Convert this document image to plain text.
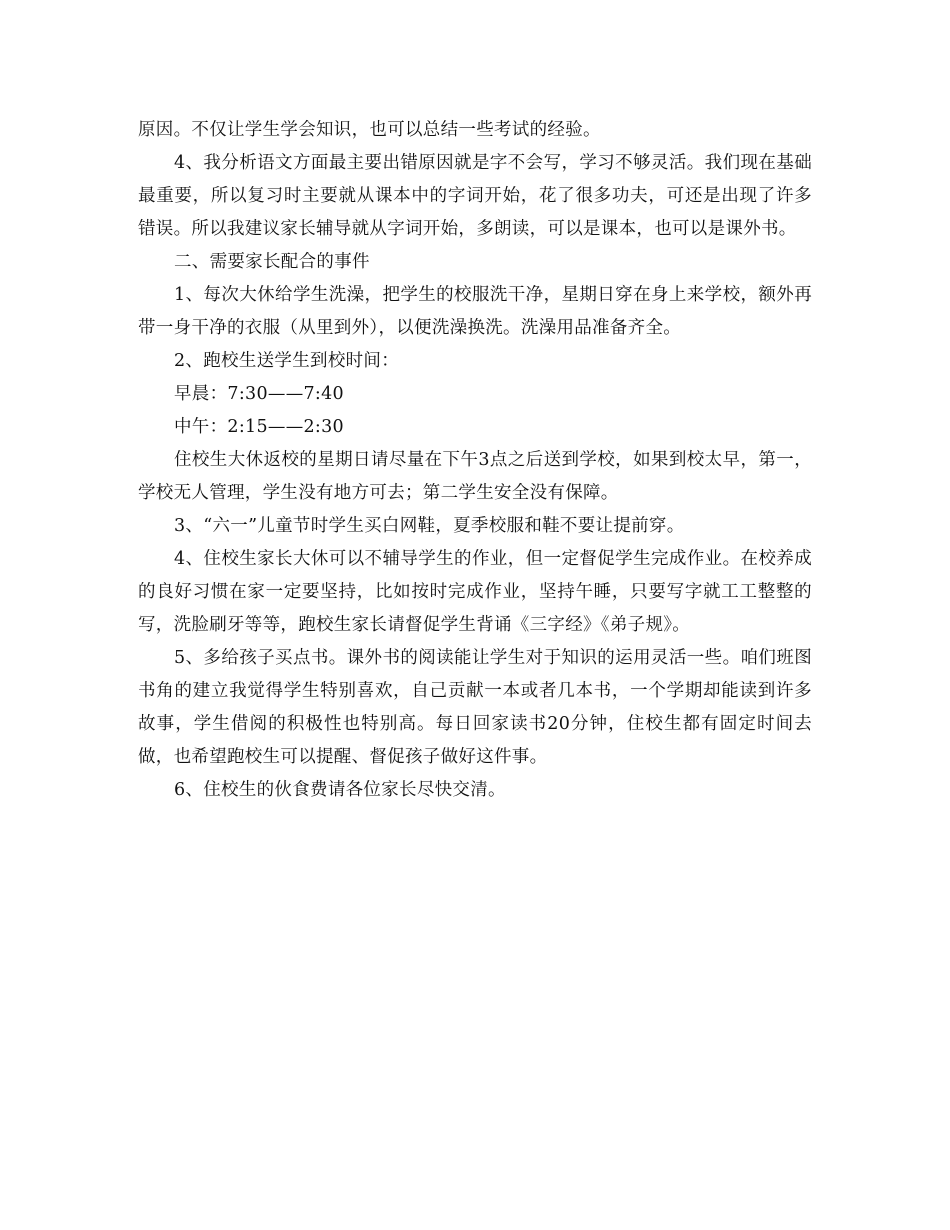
原因。不仅让学生学会知识，也可以总结一些考试的经验。

4、我分析语文方面最主要出错原因就是字不会写，学习不够灵活。我们现在基础最重要，所以复习时主要就从课本中的字词开始，花了很多功夫，可还是出现了许多错误。所以我建议家长辅导就从字词开始，多朗读，可以是课本，也可以是课外书。

二、需要家长配合的事件

1、每次大休给学生洗澡，把学生的校服洗干净，星期日穿在身上来学校，额外再带一身干净的衣服（从里到外），以便洗澡换洗。洗澡用品准备齐全。

2、跑校生送学生到校时间：

早晨：7:30——7:40

中午：2:15——2:30

住校生大休返校的星期日请尽量在下午3点之后送到学校，如果到校太早，第一，学校无人管理，学生没有地方可去；第二学生安全没有保障。

3、“六一”儿童节时学生买白网鞋，夏季校服和鞋不要让提前穿。

4、住校生家长大休可以不辅导学生的作业，但一定督促学生完成作业。在校养成的良好习惯在家一定要坚持，比如按时完成作业，坚持午睡，只要写字就工工整整的写，洗脸刷牙等等，跑校生家长请督促学生背诵《三字经》《弟子规》。

5、多给孩子买点书。课外书的阅读能让学生对于知识的运用灵活一些。咱们班图书角的建立我觉得学生特别喜欢，自己贡献一本或者几本书，一个学期却能读到许多故事，学生借阅的积极性也特别高。每日回家读书20分钟，住校生都有固定时间去做，也希望跑校生可以提醒、督促孩子做好这件事。

6、住校生的伙食费请各位家长尽快交清。
